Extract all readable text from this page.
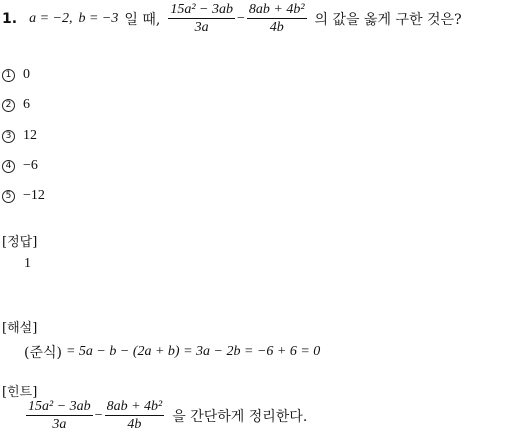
1. a = −2, b = −3 일 때, $\frac{\text{15a² − 3ab}}{3a} - \frac{\text{8ab + 4b²}}{4b}$ 의 값을 옳게 구한 것은?
1 0
2 6
3 12
4 −6
5 −12
[정답]
1
[해설]
(준식) = 5a − b − (2a + b) = 3a − 2b = −6 + 6 = 0
[힌트]
$\frac{\text{15a² − 3ab}}{3a} - \frac{\text{8ab + 4b²}}{4b}$ 을 간단하게 정리한다.
